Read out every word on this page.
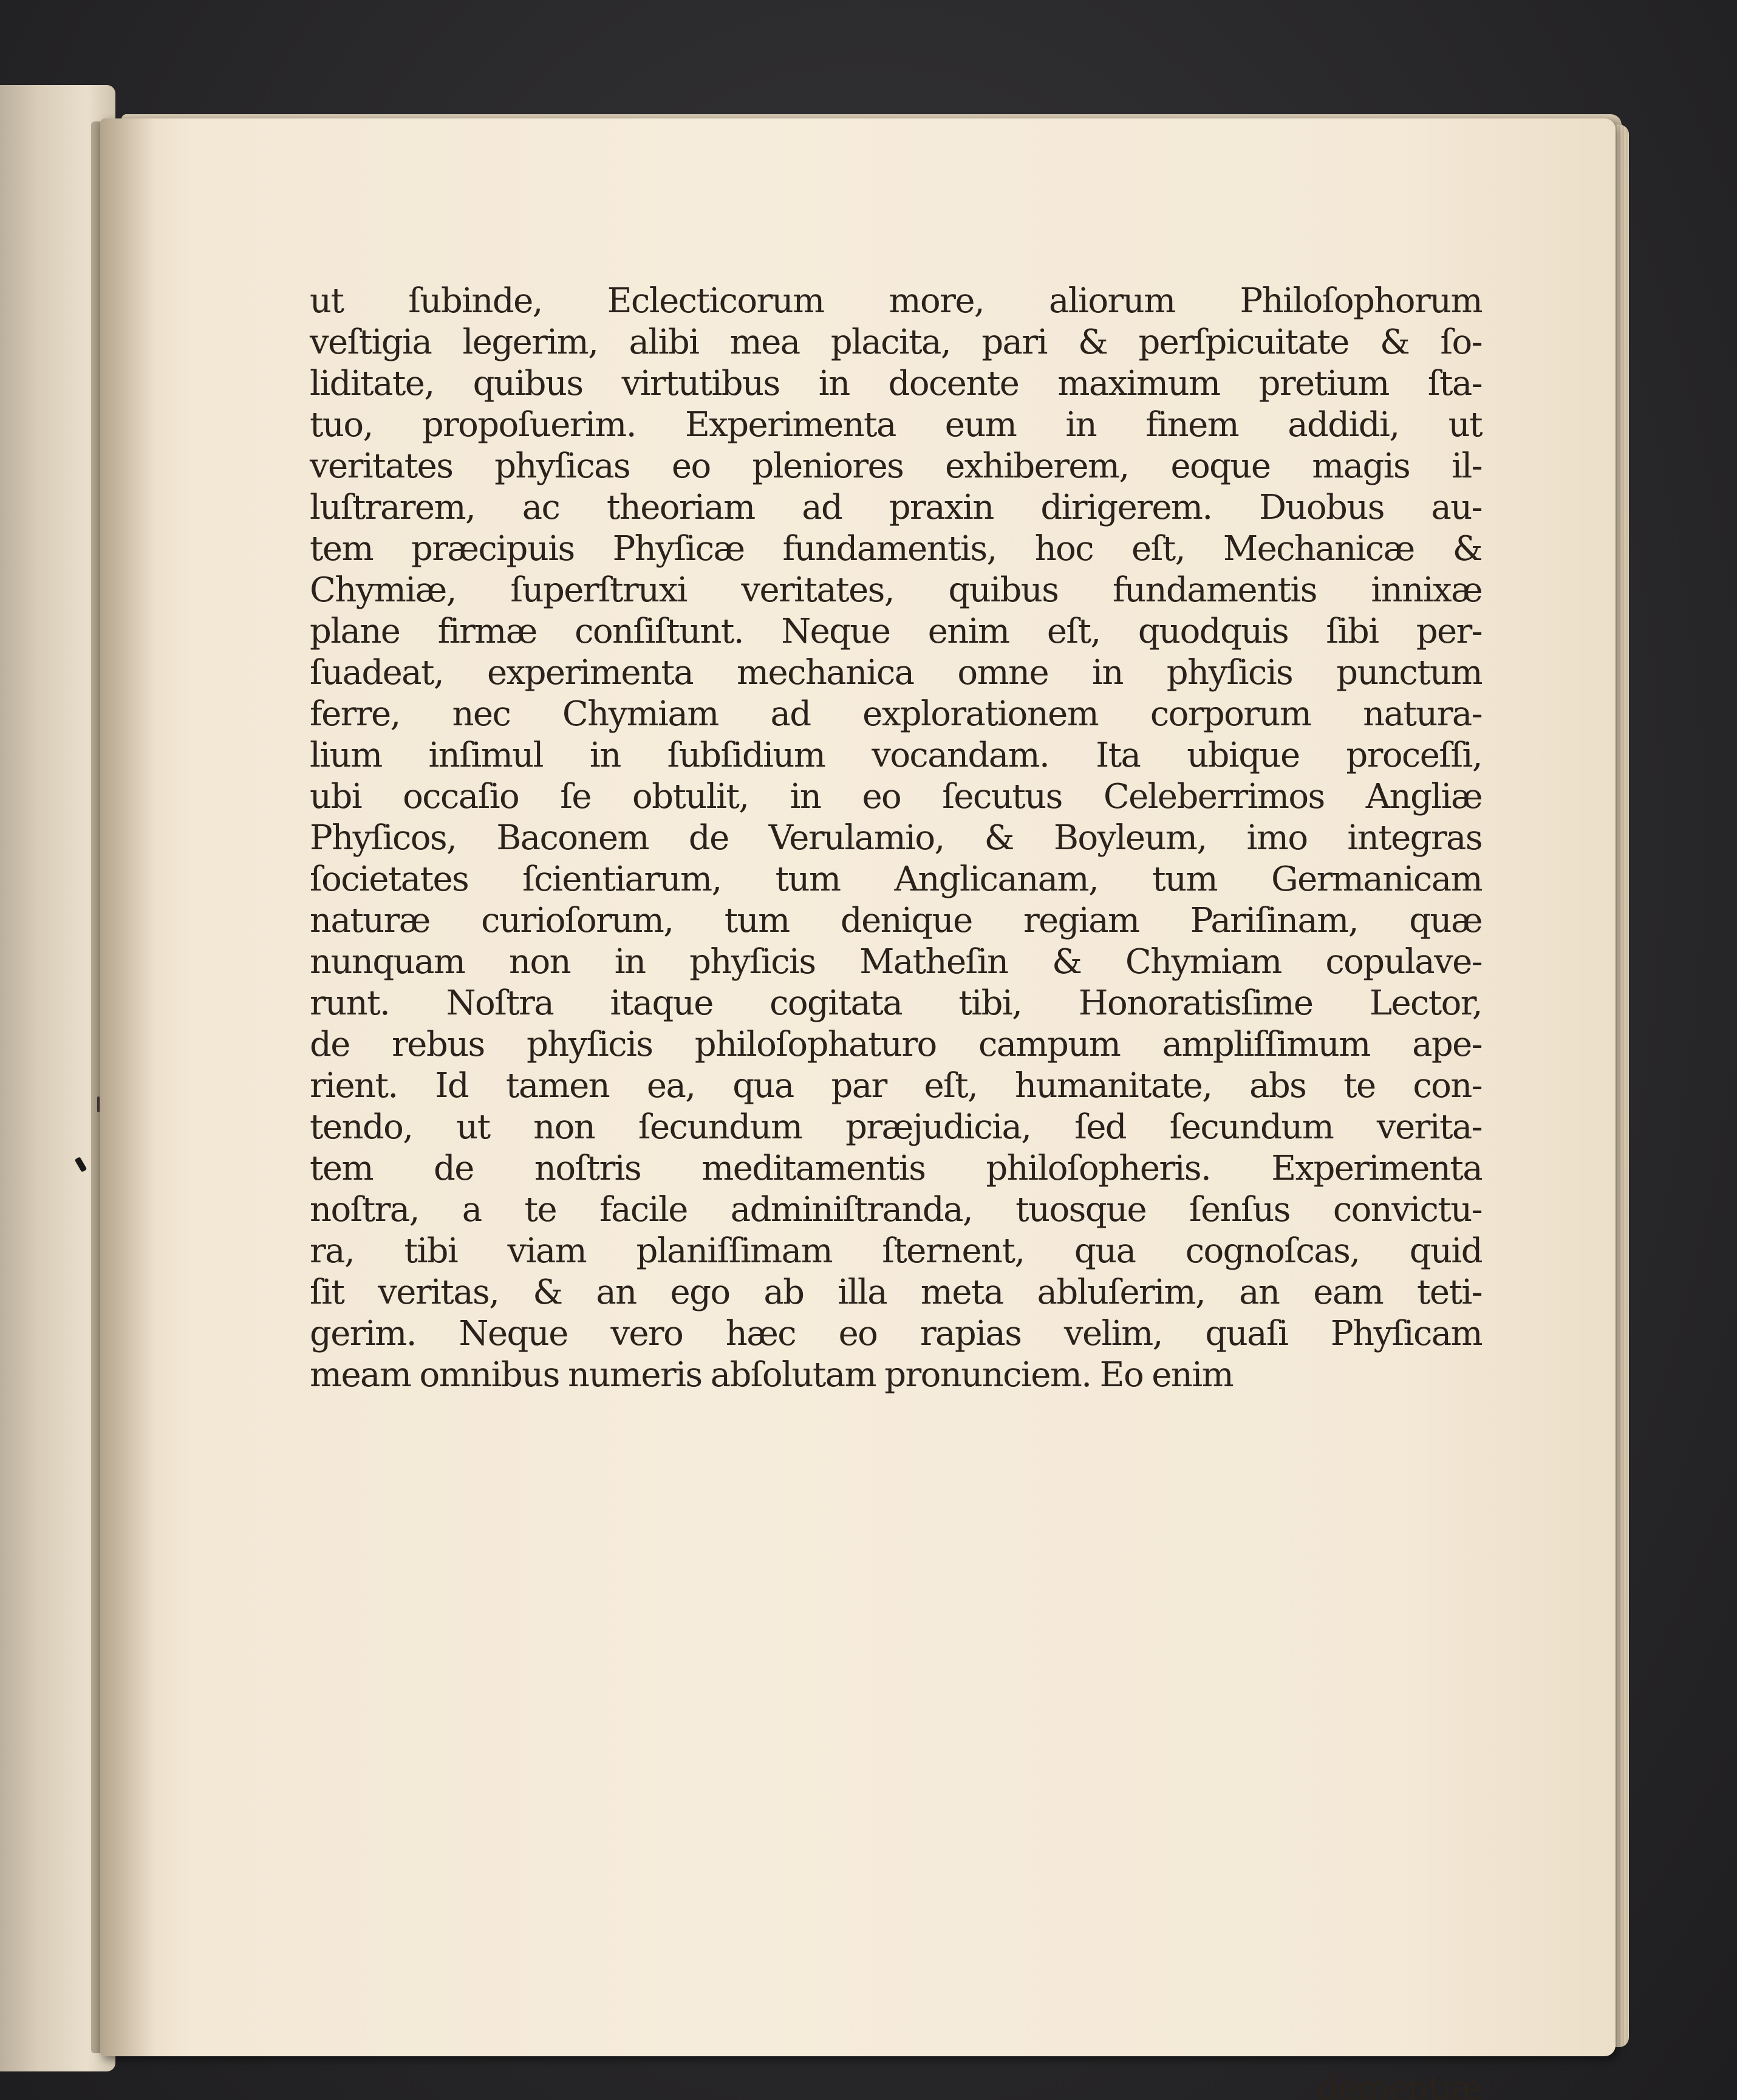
ut ſubinde, Eclecticorum more, aliorum Philoſophorum
veſtigia legerim, alibi mea placita, pari & perſpicuitate & ſo-
liditate, quibus virtutibus in docente maximum pretium ſta-
tuo, propoſuerim. Experimenta eum in finem addidi, ut
veritates phyſicas eo pleniores exhiberem, eoque magis il-
luſtrarem, ac theoriam ad praxin dirigerem. Duobus au-
tem præcipuis Phyſicæ fundamentis, hoc eſt, Mechanicæ &
Chymiæ, ſuperſtruxi veritates, quibus fundamentis innixæ
plane firmæ conſiſtunt. Neque enim eſt, quodquis ſibi per-
ſuadeat, experimenta mechanica omne in phyſicis punctum
ferre, nec Chymiam ad explorationem corporum natura-
lium inſimul in ſubſidium vocandam. Ita ubique proceſſi,
ubi occaſio ſe obtulit, in eo ſecutus Celeberrimos Angliæ
Phyſicos, Baconem de Verulamio, & Boyleum, imo integras
ſocietates ſcientiarum, tum Anglicanam, tum Germanicam
naturæ curioſorum, tum denique regiam Pariſinam, quæ
nunquam non in phyſicis Matheſin & Chymiam copulave-
runt. Noſtra itaque cogitata tibi, Honoratisſime Lector,
de rebus phyſicis philoſophaturo campum ampliſſimum ape-
rient. Id tamen ea, qua par eſt, humanitate, abs te con-
tendo, ut non ſecundum præjudicia, ſed ſecundum verita-
tem de noſtris meditamentis philoſopheris. Experimenta
noſtra, a te facile adminiſtranda, tuosque ſenſus convictu-
ra, tibi viam planiſſimam ſternent, qua cognoſcas, quid
ſit veritas, & an ego ab illa meta abluſerim, an eam teti-
gerim. Neque vero hæc eo rapias velim, quaſi Phyſicam
meam omnibus numeris abſolutam pronunciem. Eo enim
dementiæ
